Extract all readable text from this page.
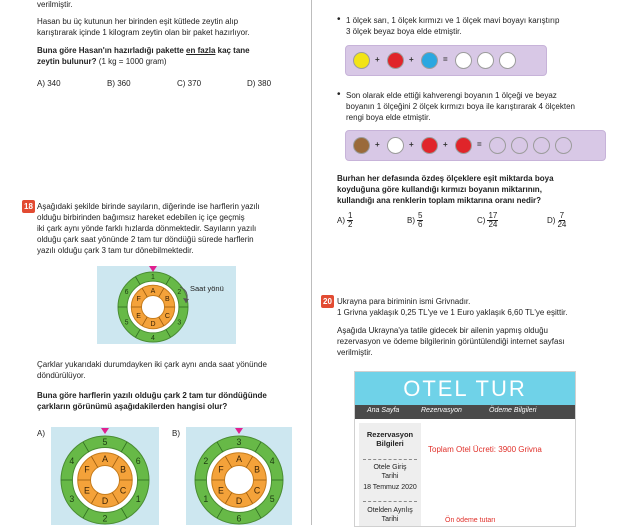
verilmiştir.
Hasan bu üç kutunun her birinden eşit kütlede zeytin alıp
karıştırarak içinde 1 kilogram zeytin olan bir paket hazırlıyor.
Buna göre Hasan'ın hazırladığı pakette en fazla kaç tane
zeytin bulunur? (1 kg = 1000 gram)
A) 340	B) 360	C) 370	D) 380
18 Aşağıdaki şekilde birinde sayıların, diğerinde ise harflerin yazılı
olduğu birbirinden bağımsız hareket edebilen iç içe geçmiş
iki çark aynı yönde farklı hızlarda dönmektedir. Sayıların yazılı
olduğu çark saat yönünde 2 tam tur döndüğü sürede harflerin
yazılı olduğu çark 3 tam tur dönebilmektedir.
1
2
3
4
5
6	A
B
C
D
E
F
Saat yönü
Çarklar yukarıdaki durumdayken iki çark aynı anda saat yönünde
döndürülüyor.
Buna göre harflerin yazılı olduğu çark 2 tam tur döndüğünde
çarkların görünümü aşağıdakilerden hangisi olur?
A)
5
6
1
2
3
4	A
B
C
D
E
F
B)
3
4
5
6
1
2	A
B
C
D
E
F
• 1 ölçek sarı, 1 ölçek kırmızı ve 1 ölçek mavi boyayı karıştırıp
3 ölçek beyaz boya elde etmiştir.
+	+	=
• Son olarak elde ettiği kahverengi boyanın 1 ölçeği ve beyaz
boyanın 1 ölçeğini 2 ölçek kırmızı boya ile karıştırarak 4 ölçekten
rengi boya elde etmiştir.
+	+	+	=
Burhan her defasında özdeş ölçeklere eşit miktarda boya
koyduğuna göre kullandığı kırmızı boyanın miktarının,
kullandığı ana renklerin toplam miktarına oranı nedir?
$A) \frac{1}{2}$	$B) \frac{5}{6}$	$C) \frac{17}{24}$	$D) \frac{7}{24}$
20 Ukrayna para biriminin ismi Grivnadır.
1 Grivna yaklaşık 0,25 TL'ye ve 1 Euro yaklaşık 6,60 TL'ye eşittir.
Aşağıda Ukrayna'ya tatile gidecek bir ailenin yapmış olduğu
rezervasyon ve ödeme bilgilerinin görüntülendiği internet sayfası
verilmiştir.
OTEL TUR
Ana Sayfa	Rezervasyon	Ödeme Bilgileri
Rezervasyon
Bilgileri
Otele Giriş
Tarihi
18 Temmuz 2020
Otelden Ayrılış
Tarihi
Toplam Otel Ücreti: 3900 Grivna
Ön ödeme tutarı
